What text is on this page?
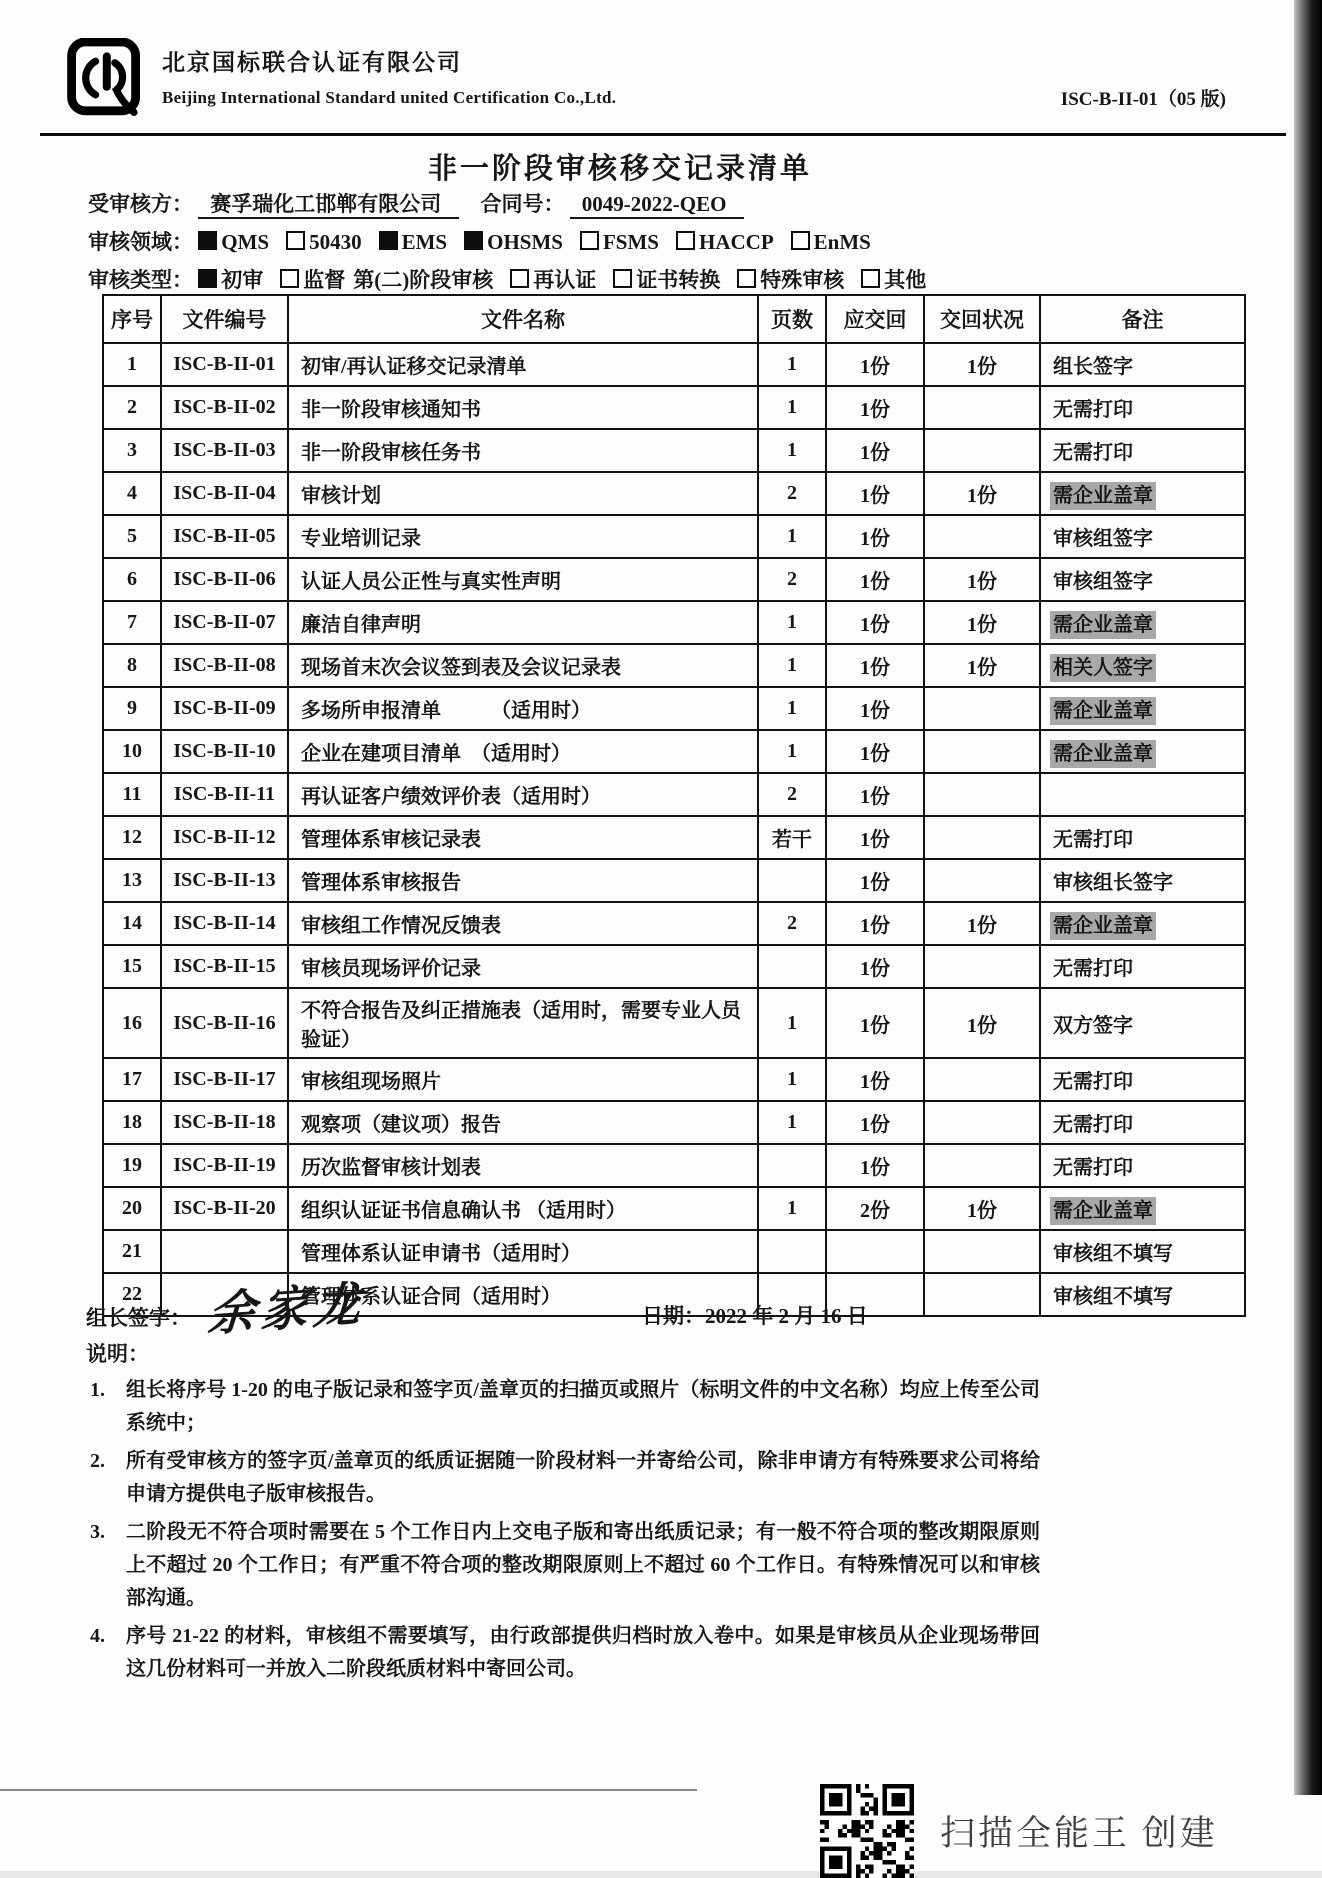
北京国标联合认证有限公司
Beijing International Standard united Certification Co.,Ltd.	ISC-B-II-01（05 版)
非一阶段审核移交记录清单
受审核方： 赛孚瑞化工邯郸有限公司 合同号： 0049-2022-QEO
审核领域： QMS 50430 EMS OHSMS FSMS HACCP EnMS
审核类型： 初审 监督 第(二)阶段审核 再认证 证书转换 特殊审核 其他
序号	文件编号	文件名称	页数	应交回	交回状况	备注
1	ISC-B-II-01	初审/再认证移交记录清单	1	1份	1份	组长签字
2	ISC-B-II-02	非一阶段审核通知书	1	1份		无需打印
3	ISC-B-II-03	非一阶段审核任务书	1	1份		无需打印
4	ISC-B-II-04	审核计划	2	1份	1份	需企业盖章
5	ISC-B-II-05	专业培训记录	1	1份		审核组签字
6	ISC-B-II-06	认证人员公正性与真实性声明	2	1份	1份	审核组签字
7	ISC-B-II-07	廉洁自律声明	1	1份	1份	需企业盖章
8	ISC-B-II-08	现场首末次会议签到表及会议记录表	1	1份	1份	相关人签字
9	ISC-B-II-09	多场所申报清单　　　（适用时）	1	1份		需企业盖章
10	ISC-B-II-10	企业在建项目清单　（适用时）	1	1份		需企业盖章
11	ISC-B-II-11	再认证客户绩效评价表（适用时）	2	1份		
12	ISC-B-II-12	管理体系审核记录表	若干	1份		无需打印
13	ISC-B-II-13	管理体系审核报告		1份		审核组长签字
14	ISC-B-II-14	审核组工作情况反馈表	2	1份	1份	需企业盖章
15	ISC-B-II-15	审核员现场评价记录		1份		无需打印
16	ISC-B-II-16	不符合报告及纠正措施表（适用时，需要专业人员验证）	1	1份	1份	双方签字
17	ISC-B-II-17	审核组现场照片	1	1份		无需打印
18	ISC-B-II-18	观察项（建议项）报告	1	1份		无需打印
19	ISC-B-II-19	历次监督审核计划表		1份		无需打印
20	ISC-B-II-20	组织认证证书信息确认书 （适用时）	1	2份	1份	需企业盖章
21		管理体系认证申请书（适用时）				审核组不填写
22		管理体系认证合同（适用时）				审核组不填写
组长签字： 余家龙	日期：2022 年 2 月 16 日
说明：
1.	组长将序号 1-20 的电子版记录和签字页/盖章页的扫描页或照片（标明文件的中文名称）均应上传至公司系统中；
2.	所有受审核方的签字页/盖章页的纸质证据随一阶段材料一并寄给公司，除非申请方有特殊要求公司将给申请方提供电子版审核报告。
3.	二阶段无不符合项时需要在 5 个工作日内上交电子版和寄出纸质记录；有一般不符合项的整改期限原则上不超过 20 个工作日；有严重不符合项的整改期限原则上不超过 60 个工作日。有特殊情况可以和审核部沟通。
4.	序号 21-22 的材料，审核组不需要填写，由行政部提供归档时放入卷中。如果是审核员从企业现场带回这几份材料可一并放入二阶段纸质材料中寄回公司。
扫描全能王 创建
